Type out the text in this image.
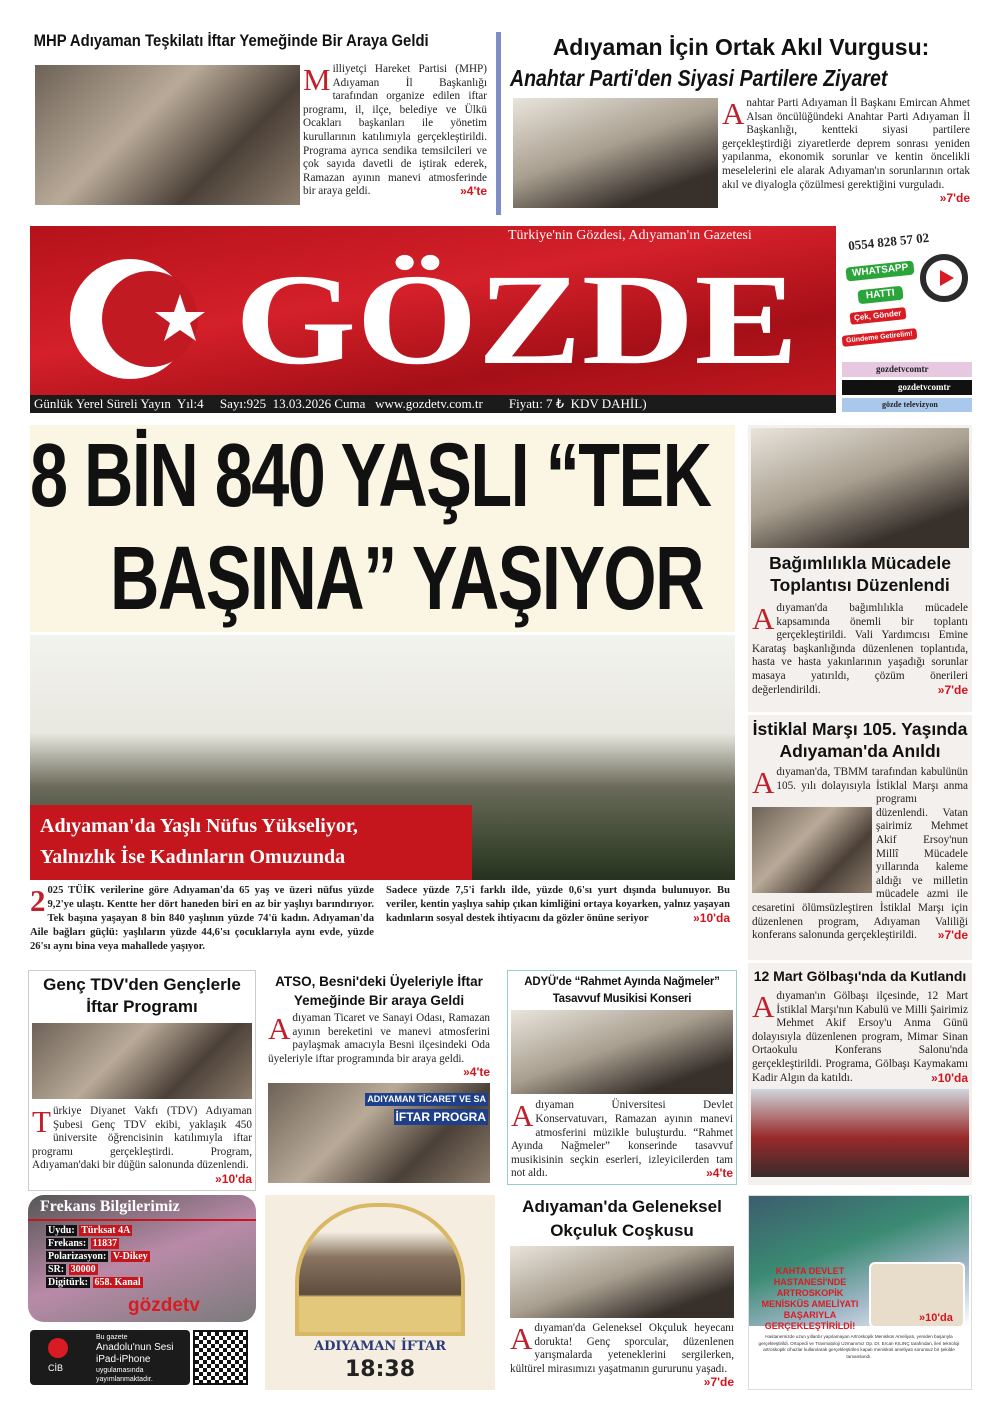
MHP Adıyaman Teşkilatı İftar Yemeğinde Bir Araya Geldi
Milliyetçi Hareket Partisi (MHP) Adıyaman İl Başkanlığı tarafından organize edilen iftar programı, il, ilçe, belediye ve Ülkü Ocakları başkanları ile yönetim kurullarının katılımıyla gerçekleştirildi. Programa ayrıca sendika temsilcileri ve çok sayıda davetli de iştirak ederek, Ramazan ayının manevi atmosferinde bir araya geldi.	»4'te
Adıyaman İçin Ortak Akıl Vurgusu:
Anahtar Parti'den Siyasi Partilere Ziyaret
Anahtar Parti Adıyaman İl Başkanı Emircan Ahmet Alsan öncülüğündeki Anahtar Parti Adıyaman İl Başkanlığı, kentteki siyasi partilere gerçekleştirdiği ziyaretlerde deprem sonrası yeniden yapılanma, ekonomik sorunlar ve kentin öncelikli meselelerini ele alarak Adıyaman'ın sorunlarının ortak akıl ve diyalogla çözülmesi gerektiğini vurguladı.
»7'de
GÖZDE
Türkiye'nin Gözdesi, Adıyaman'ın Gazetesi
Günlük Yerel Süreli Yayın  Yıl:4 Sayı:925  13.03.2026 Cuma   www.gozdetv.com.tr Fiyatı: 7 ₺  KDV DAHİL)
0554 828 57 02
WHATSAPP
HATTI
Çek, Gönder
Gündeme Getirelim!
gozdetvcomtr
gozdetvcomtr
gözde televizyon
8 BİN 840 YAŞLI “TEK
BAŞINA” YAŞIYOR
Adıyaman'da Yaşlı Nüfus Yükseliyor,
Yalnızlık İse Kadınların Omuzunda
2 025 TÜİK verilerine göre Adıyaman'da 65 yaş ve üzeri nüfus yüzde 9,2'ye ulaştı. Kentte her dört haneden biri en az bir yaşlıyı barındırıyor. Tek başına yaşayan 8 bin 840 yaşlının yüzde 74'ü kadın. Adıyaman'da Aile bağları güçlü: yaşlıların yüzde 44,6'sı çocuklarıyla aynı evde, yüzde 26'sı aynı bina veya mahallede yaşıyor.
Sadece yüzde 7,5'i farklı ilde, yüzde 0,6'sı yurt dışında bulunuyor. Bu veriler, kentin yaşlıya sahip çıkan kimliğini ortaya koyarken, yalnız yaşayan kadınların sosyal destek ihtiyacını da gözler önüne seriyor	»10'da
Bağımlılıkla Mücadele Toplantısı Düzenlendi
Adıyaman'da bağımlılıkla mücadele kapsamında önemli bir toplantı gerçekleştirildi. Vali Yardımcısı Emine Karataş başkanlığında düzenlenen toplantıda, hasta ve hasta yakınlarının yaşadığı sorunlar masaya yatırıldı, çözüm önerileri değerlendirildi.	»7'de
İstiklal Marşı 105. Yaşında Adıyaman'da Anıldı
Adıyaman'da, TBMM tarafından kabulünün 105. yılı dolayısıyla İstiklal Marşı anma programı düzenlendi. Vatan şairimiz Mehmet Akif Ersoy'nun Millî Mücadele yıllarında kaleme aldığı ve milletin mücadele azmi ile cesaretini ölümsüzleştiren İstiklal Marşı için düzenlenen program, Adıyaman Valiliği konferans salonunda gerçekleştirildi. »7'de
12 Mart Gölbaşı'nda da Kutlandı
Adıyaman'ın Gölbaşı ilçesinde, 12 Mart İstiklal Marşı'nın Kabulü ve Milli Şairimiz Mehmet Akif Ersoy'u Anma Günü dolayısıyla düzenlenen program, Mimar Sinan Ortaokulu Konferans Salonu'nda gerçekleştirildi. Programa, Gölbaşı Kaymakamı Kadir Algın da katıldı.	»10'da
KAHTA DEVLET HASTANESİ'NDE ARTROSKOPİK MENİSKÜS AMELİYATI BAŞARIYLA GERÇEKLEŞTİRİLDİ!
»10'da
Hastanemizde uzun yıllardır yapılamayan Artroskopik Menisküs Ameliyatı, yeniden başarıyla gerçekleştirildi. Ortopedi ve Travmatoloji Uzmanımız Op. Dr. Ercan KILINÇ tarafından, ileri teknoloji artroskopik cihazlar kullanılarak gerçekleştirilen kapalı menisküs ameliyatı sorunsuz bir şekilde tamamlandı.
Genç TDV'den Gençlerle İftar Programı
Türkiye Diyanet Vakfı (TDV) Adıyaman Şubesi Genç TDV ekibi, yaklaşık 450 üniversite öğrencisinin katılımıyla iftar programı gerçekleştirdi. Program, Adıyaman'daki bir düğün salonunda düzenlendi.
»10'da
ATSO, Besni'deki Üyeleriyle İftar Yemeğinde Bir araya Geldi
Adıyaman Ticaret ve Sanayi Odası, Ramazan ayının bereketini ve manevi atmosferini paylaşmak amacıyla Besni ilçesindeki Oda üyeleriyle iftar programında bir araya geldi.
»4'te
ADIYAMAN TİCARET VE SA
İFTAR PROGRA
ADYÜ'de “Rahmet Ayında Nağmeler” Tasavvuf Musikisi Konseri
Adıyaman Üniversitesi Devlet Konservatuvarı, Ramazan ayının manevi atmosferini müzikle buluşturdu. “Rahmet Ayında Nağmeler” konserinde tasavvuf musikisinin seçkin eserleri, izleyicilerden tam not aldı.	»4'te
Frekans Bilgilerimiz
Uydu: Türksat 4A
Frekans: 11837
Polarizasyon: V-Dikey
SR: 30000
Digitürk: 658. Kanal
gözdetv
CİB
Bu gazete
Anadolu'nun Sesi
iPad-iPhone
uygulamasında
yayımlanmaktadır.
ADIYAMAN İFTAR
18:38
Adıyaman'da Geleneksel Okçuluk Coşkusu
Adıyaman'da Geleneksel Okçuluk heyecanı dorukta! Genç sporcular, düzenlenen yarışmalarda yeteneklerini sergilerken, kültürel mirasımızı yaşatmanın gururunu yaşadı.
»7'de
